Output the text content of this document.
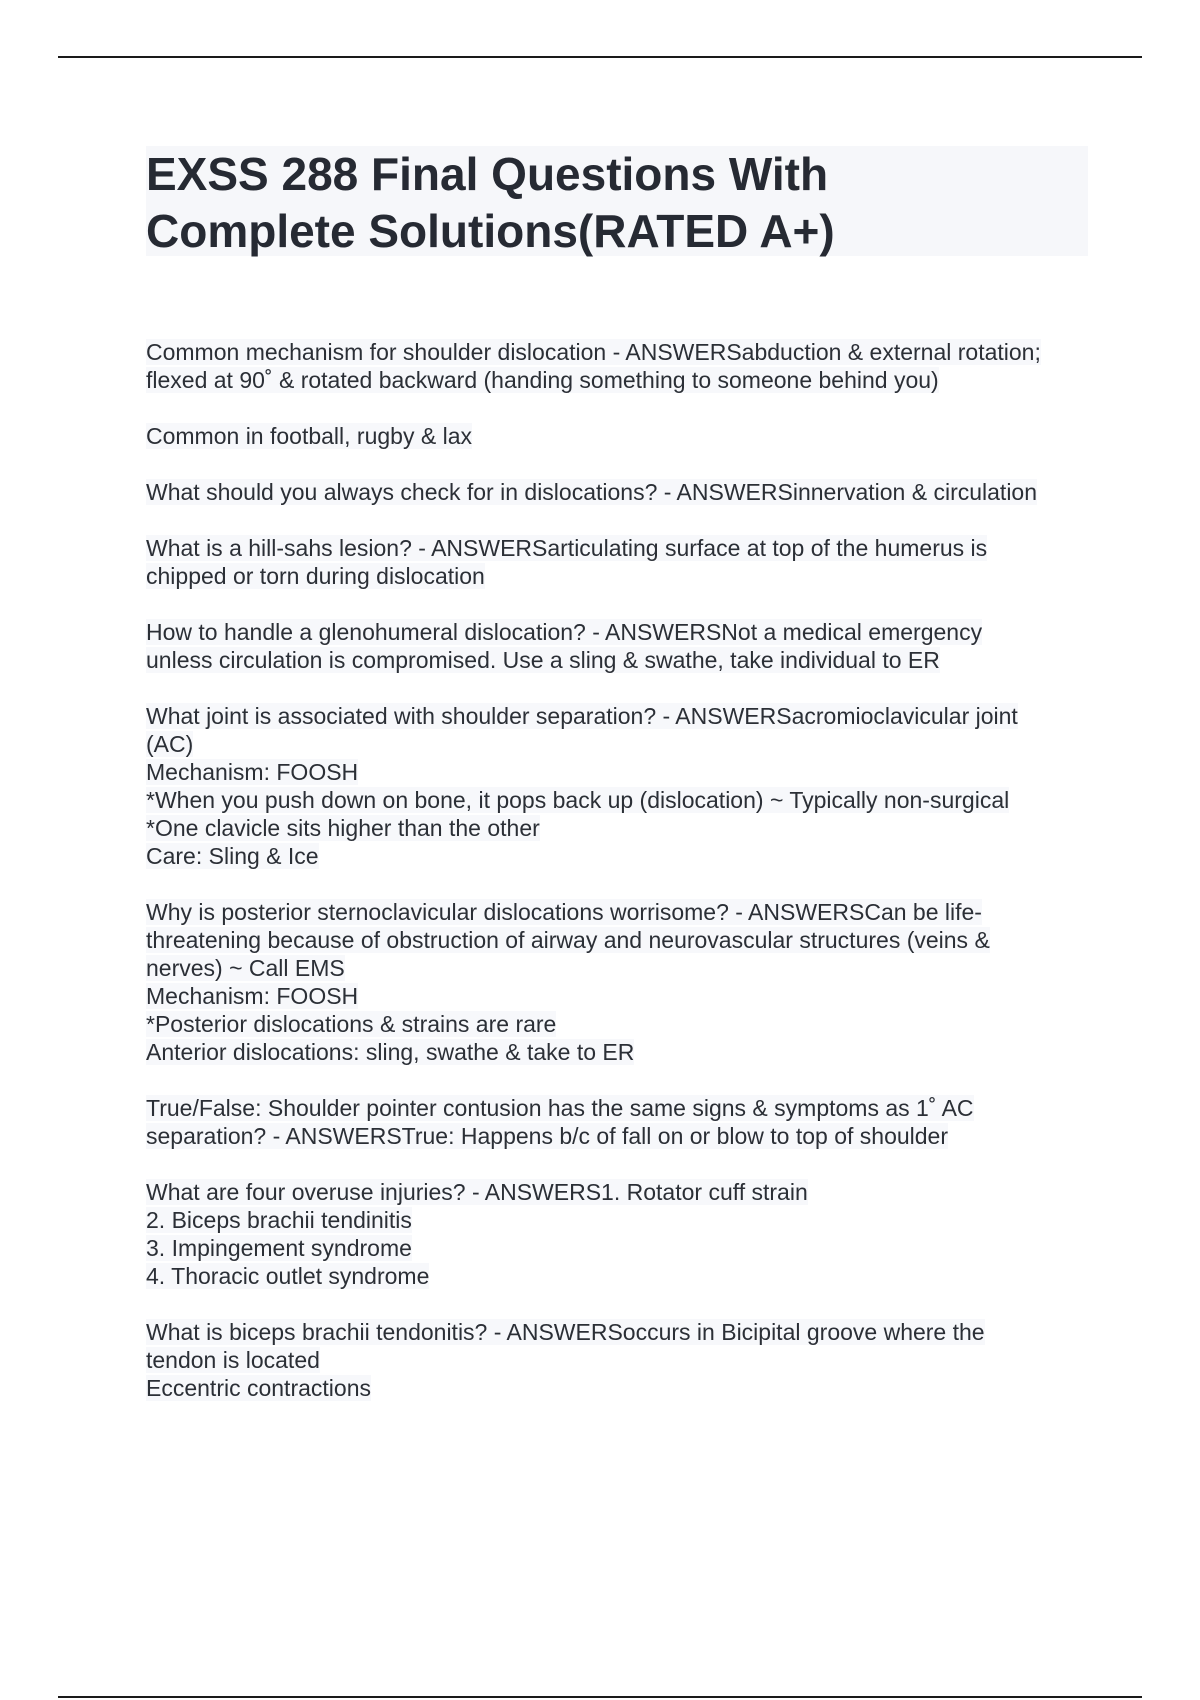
EXSS 288 Final Questions With

Complete Solutions(RATED A+)

Common mechanism for shoulder dislocation - ANSWERSabduction & external rotation;
flexed at 90˚ & rotated backward (handing something to someone behind you)
Common in football, rugby & lax
What should you always check for in dislocations? - ANSWERSinnervation & circulation
What is a hill-sahs lesion? - ANSWERSarticulating surface at top of the humerus is
chipped or torn during dislocation
How to handle a glenohumeral dislocation? - ANSWERSNot a medical emergency
unless circulation is compromised. Use a sling & swathe, take individual to ER
What joint is associated with shoulder separation? - ANSWERSacromioclavicular joint
(AC)
Mechanism: FOOSH
*When you push down on bone, it pops back up (dislocation) ~ Typically non-surgical
*One clavicle sits higher than the other
Care: Sling & Ice
Why is posterior sternoclavicular dislocations worrisome? - ANSWERSCan be life-
threatening because of obstruction of airway and neurovascular structures (veins &
nerves) ~ Call EMS
Mechanism: FOOSH
*Posterior dislocations & strains are rare
Anterior dislocations: sling, swathe & take to ER
True/False: Shoulder pointer contusion has the same signs & symptoms as 1˚ AC
separation? - ANSWERSTrue: Happens b/c of fall on or blow to top of shoulder
What are four overuse injuries? - ANSWERS1. Rotator cuff strain
2. Biceps brachii tendinitis
3. Impingement syndrome
4. Thoracic outlet syndrome
What is biceps brachii tendonitis? - ANSWERSoccurs in Bicipital groove where the
tendon is located
Eccentric contractions
